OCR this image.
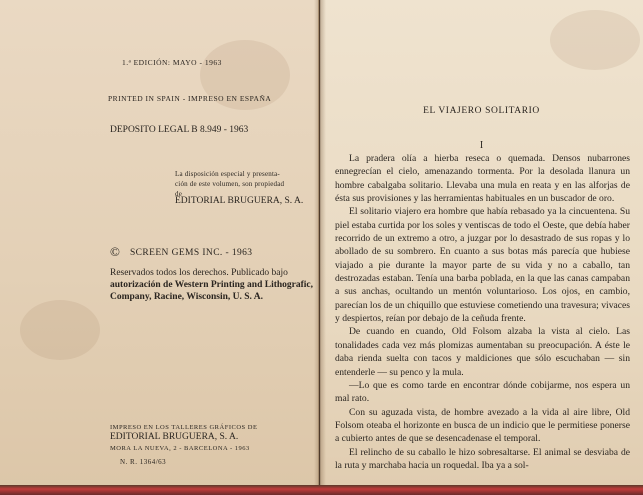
1.ª EDICIÓN: MAYO - 1963
PRINTED IN SPAIN - IMPRESO EN ESPAÑA
DEPOSITO LEGAL B 8.949 - 1963
La disposición especial y presenta-
ción de este volumen, son propiedad
de
EDITORIAL BRUGUERA, S. A.
© SCREEN GEMS INC. - 1963
Reservados todos los derechos. Publicado bajo
autorización de Western Printing and Lithografic,
Company, Racine, Wisconsin, U. S. A.
IMPRESO EN LOS TALLERES GRÁFICOS DE
EDITORIAL BRUGUERA, S. A.
MORA LA NUEVA, 2 - BARCELONA - 1963
N. R. 1364/63
EL VIAJERO SOLITARIO
I

La pradera olía a hierba reseca o quemada. Densos nubarrones ennegrecían el cielo, amenazando tormenta. Por la desolada llanura un hombre cabalgaba solitario. Llevaba una mula en reata y en las alforjas de ésta sus provisiones y las herramientas habituales en un buscador de oro.

El solitario viajero era hombre que había rebasado ya la cincuentena. Su piel estaba curtida por los soles y ventiscas de todo el Oeste, que debía haber recorrido de un extremo a otro, a juzgar por lo desastrado de sus ropas y lo abollado de su sombrero. En cuanto a sus botas más parecía que hubiese viajado a pie durante la mayor parte de su vida y no a caballo, tan destrozadas estaban. Tenía una barba poblada, en la que las canas campaban a sus anchas, ocultando un mentón voluntarioso. Los ojos, en cambio, parecían los de un chiquillo que estuviese cometiendo una travesura; vivaces y despiertos, reían por debajo de la ceñuda frente.

De cuando en cuando, Old Folsom alzaba la vista al cielo. Las tonalidades cada vez más plomizas aumentaban su preocupación. A éste le daba rienda suelta con tacos y maldiciones que sólo escuchaban — sin entenderle — su penco y la mula.

—Lo que es como tarde en encontrar dónde cobijarme, nos espera un mal rato.

Con su aguzada vista, de hombre avezado a la vida al aire libre, Old Folsom oteaba el horizonte en busca de un indicio que le permitiese ponerse a cubierto antes de que se desencadenase el temporal.

El relincho de su caballo le hizo sobresaltarse. El animal se desviaba de la ruta y marchaba hacia un roquedal. Iba ya a sol-
